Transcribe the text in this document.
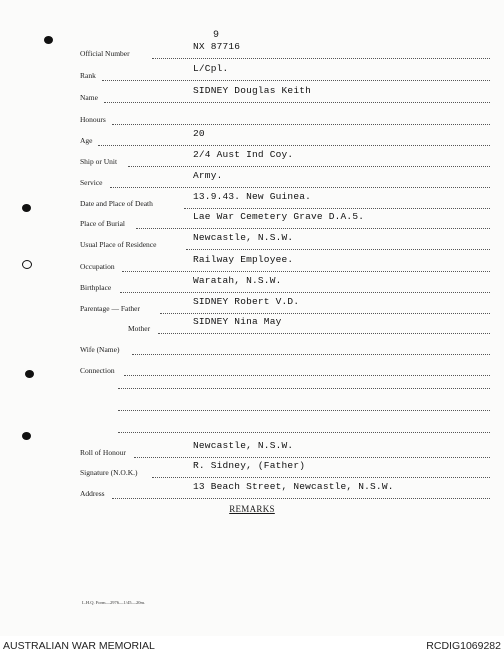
9
Official Number
NX 87716
Rank
L/Cpl.
Name
SIDNEY Douglas Keith
Honours
Age
20
Ship or Unit
2/4 Aust Ind Coy.
Service
Army.
Date and Place of Death
13.9.43. New Guinea.
Place of Burial
Lae War Cemetery Grave D.A.5.
Usual Place of Residence
Newcastle, N.S.W.
Occupation
Railway Employee.
Birthplace
Waratah, N.S.W.
Parentage — Father
SIDNEY Robert V.D.
Mother
SIDNEY Nina May
Wife (Name)
Connection
Roll of Honour
Newcastle, N.S.W.
Signature (N.O.K.)
R. Sidney, (Father)
Address
13 Beach Street, Newcastle, N.S.W.
REMARKS
L.H.Q. Form—2976—1/45—20m.
AUSTRALIAN WAR MEMORIAL	RCDIG1069282
